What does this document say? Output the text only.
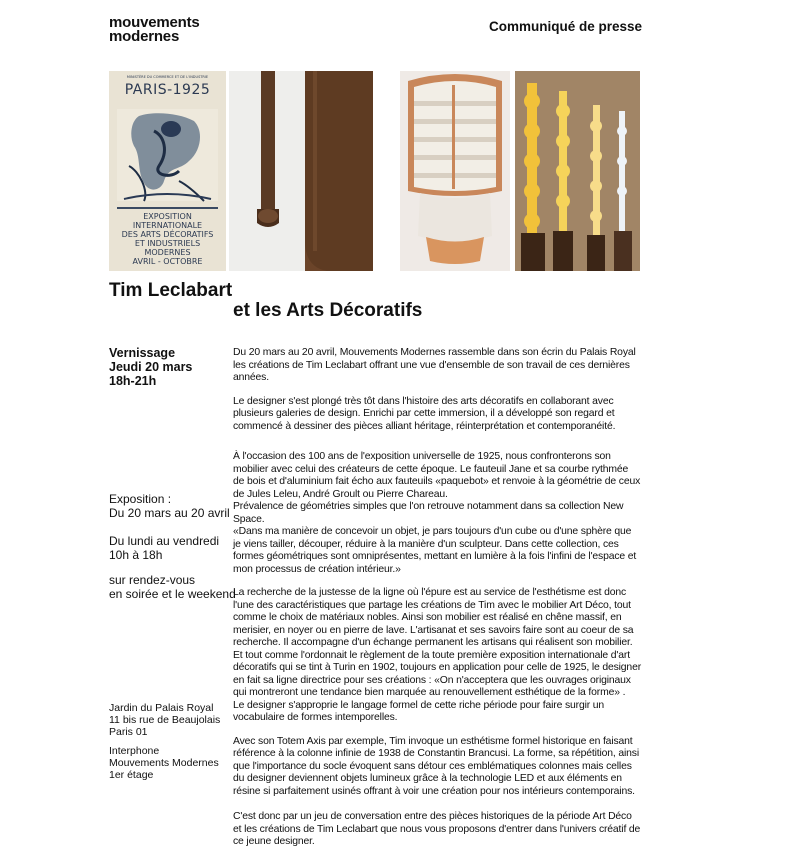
mouvements
modernes
Communiqué de presse
MINISTÈRE DU COMMERCE ET DE L'INDUSTRIE
PARIS-1925
EXPOSITION
INTERNATIONALE
DES ARTS DÉCORATIFS
ET INDUSTRIELS
MODERNES
AVRIL - OCTOBRE
Tim Leclabart
et les Arts Décoratifs
Vernissage
Jeudi 20 mars
18h-21h
Exposition :
Du 20 mars au 20 avril
Du lundi au vendredi
10h à 18h
sur rendez-vous
en soirée et le weekend
Jardin du Palais Royal
11 bis rue de Beaujolais
Paris 01
Interphone
Mouvements Modernes
1er étage

Du 20 mars au 20 avril, Mouvements Modernes rassemble dans son écrin du Palais Royal les créations de Tim Leclabart offrant une vue d'ensemble de son travail de ces dernières années.

Le designer s'est plongé très tôt dans l'histoire des arts décoratifs en collaborant avec plusieurs galeries de design. Enrichi par cette immersion, il a développé son regard et commencé à dessiner des pièces alliant héritage, réinterprétation et contemporanéité.

À l'occasion des 100 ans de l'exposition universelle de 1925, nous confronterons son mobilier avec celui des créateurs de cette époque. Le fauteuil Jane et sa courbe rythmée de bois et d'aluminium fait écho aux fauteuils «paquebot» et renvoie à la géométrie de ceux de Jules Leleu, André Groult ou Pierre Chareau.
Prévalence de géométries simples que l'on retrouve notamment dans sa collection New Space.
«Dans ma manière de concevoir un objet, je pars toujours d'un cube ou d'une sphère que je viens tailler, découper, réduire à la manière d'un sculpteur. Dans cette collection, ces formes géométriques sont omniprésentes, mettant en lumière à la fois l'infini de l'espace et mon processus de création intérieur.»
La recherche de la justesse de la ligne où l'épure est au service de l'esthétisme est donc l'une des caractéristiques que partage les créations de Tim avec le mobilier Art Déco, tout comme le choix de matériaux nobles. Ainsi son mobilier est réalisé en chêne massif, en merisier, en noyer ou en pierre de lave. L'artisanat et ses savoirs faire sont au coeur de sa recherche. Il accompagne d'un échange permanent les artisans qui réalisent son mobilier.
Et tout comme l'ordonnait le règlement de la toute première exposition internationale d'art décoratifs qui se tint à Turin en 1902, toujours en application pour celle de 1925, le designer en fait sa ligne directrice pour ses créations : «On n'acceptera que les ouvrages originaux qui montreront une tendance bien marquée au renouvellement esthétique de la forme» .
Le designer s'approprie le langage formel de cette riche période pour faire surgir un vocabulaire de formes intemporelles.

Avec son Totem Axis par exemple, Tim invoque un esthétisme formel historique en faisant référence à la colonne infinie de 1938 de Constantin Brancusi. La forme, sa répétition, ainsi que l'importance du socle évoquent sans détour ces emblématiques colonnes mais celles du designer deviennent objets lumineux grâce à la technologie LED et aux éléments en résine si parfaitement usinés offrant à voir une création pour nos intérieurs contemporains.

C'est donc par un jeu de conversation entre des pièces historiques de la période Art Déco et les créations de Tim Leclabart que nous vous proposons d'entrer dans l'univers créatif de ce jeune designer.
